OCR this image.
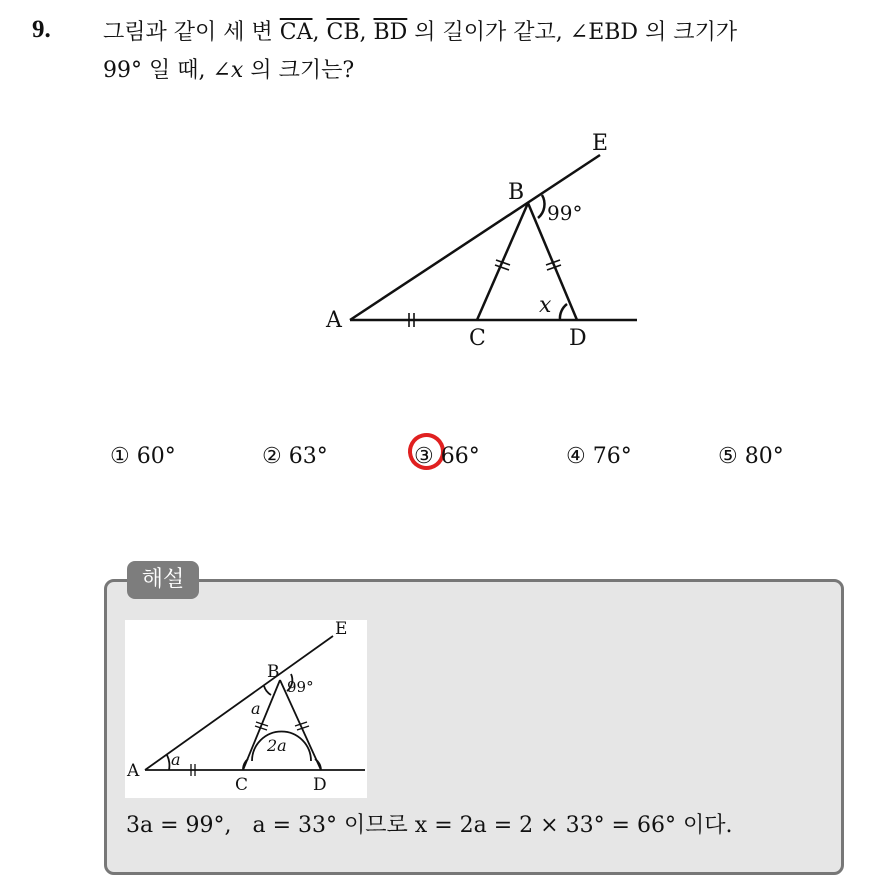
9. 그림과 같이 세 변 $\overline{CA}$, $\overline{CB}$, $\overline{BD}$ 의 길이가 같고, ∠EBD 의 크기가
99° 일 때, ∠x 의 크기는?
E
B
A
C	D
99°
x
① 60°	② 63°	③ 66°	④ 76°	⑤ 80°
해설
E
B
A
C	D
99°
a
a
2a
3a = 99°,   a = 33° 이므로 x = 2a = 2 × 33° = 66° 이다.
